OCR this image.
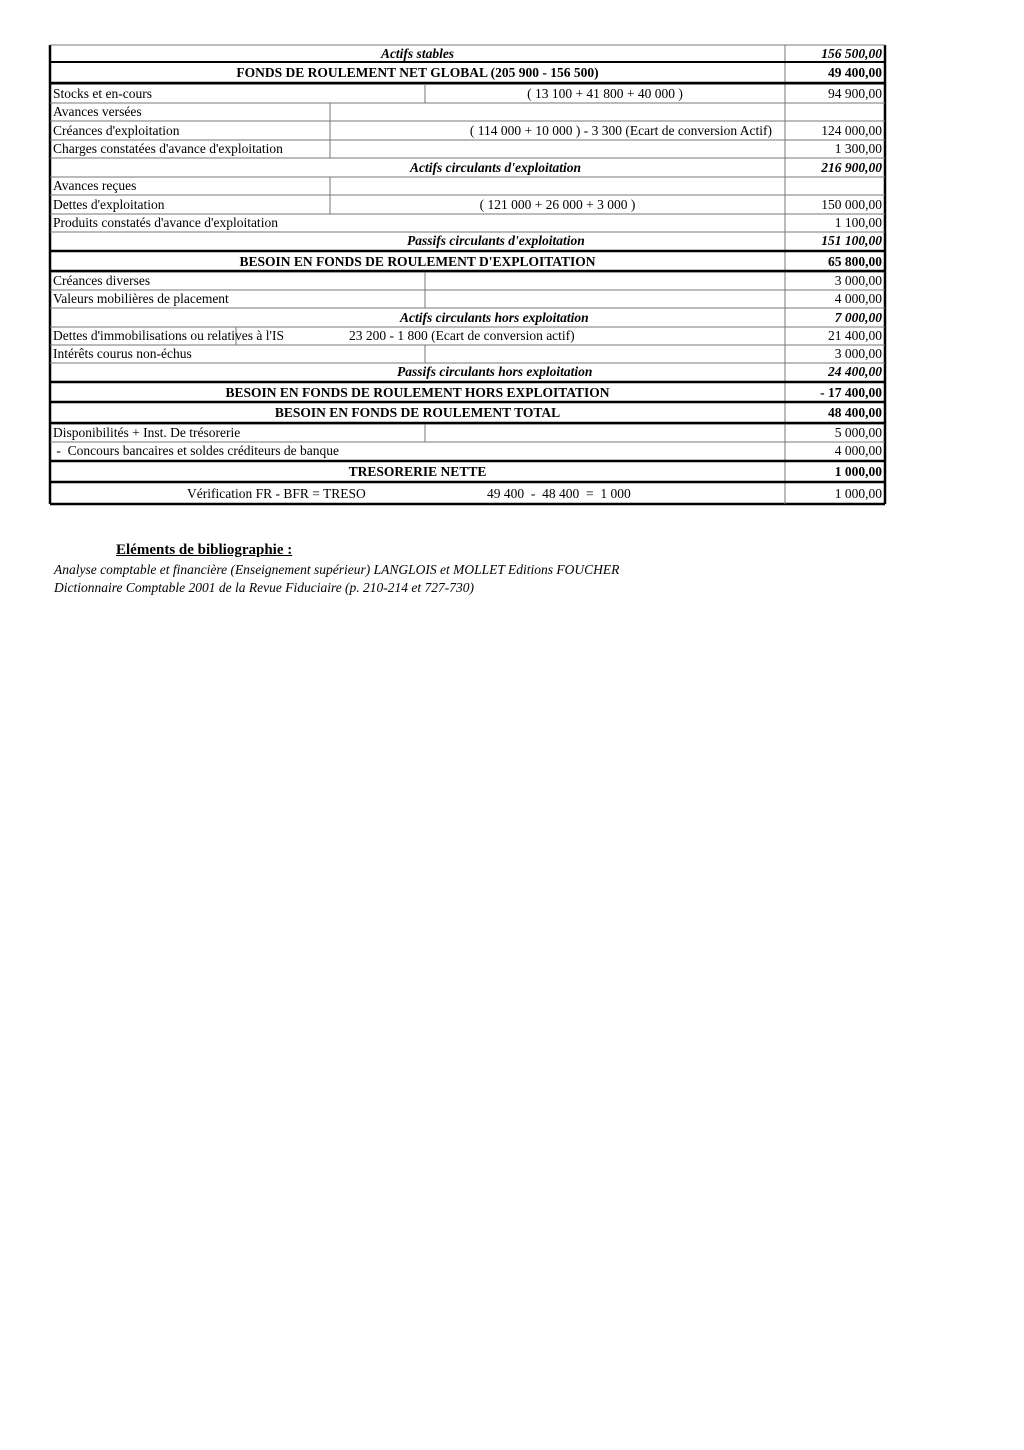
Actifs stables	156 500,00
FONDS DE ROULEMENT NET GLOBAL (205 900 - 156 500)	49 400,00
Stocks et en-cours	( 13 100 + 41 800 + 40 000 )	94 900,00
Avances versées
Créances d'exploitation	( 114 000 + 10 000 ) - 3 300 (Ecart de conversion Actif)	124 000,00
Charges constatées d'avance d'exploitation	1 300,00
Actifs circulants d'exploitation	216 900,00
Avances reçues
Dettes d'exploitation	( 121 000 + 26 000 + 3 000 )	150 000,00
Produits constatés d'avance d'exploitation	1 100,00
Passifs circulants d'exploitation	151 100,00
BESOIN EN FONDS DE ROULEMENT D'EXPLOITATION	65 800,00
Créances diverses	3 000,00
Valeurs mobilières de placement	4 000,00
Actifs circulants hors exploitation	7 000,00
Dettes d'immobilisations ou relatives à l'IS	23 200 - 1 800 (Ecart de conversion actif)	21 400,00
Intérêts courus non-échus	3 000,00
Passifs circulants hors exploitation	24 400,00
BESOIN EN FONDS DE ROULEMENT HORS EXPLOITATION	- 17 400,00
BESOIN EN FONDS DE ROULEMENT TOTAL	48 400,00
Disponibilités + Inst. De trésorerie	5 000,00
-  Concours bancaires et soldes créditeurs de banque	4 000,00
TRESORERIE NETTE	1 000,00
Vérification FR - BFR = TRESO	49 400  -  48 400  =  1 000	1 000,00
Eléments de bibliographie :
Analyse comptable et financière (Enseignement supérieur) LANGLOIS et MOLLET Editions FOUCHER
Dictionnaire Comptable 2001 de la Revue Fiduciaire (p. 210-214 et 727-730)
